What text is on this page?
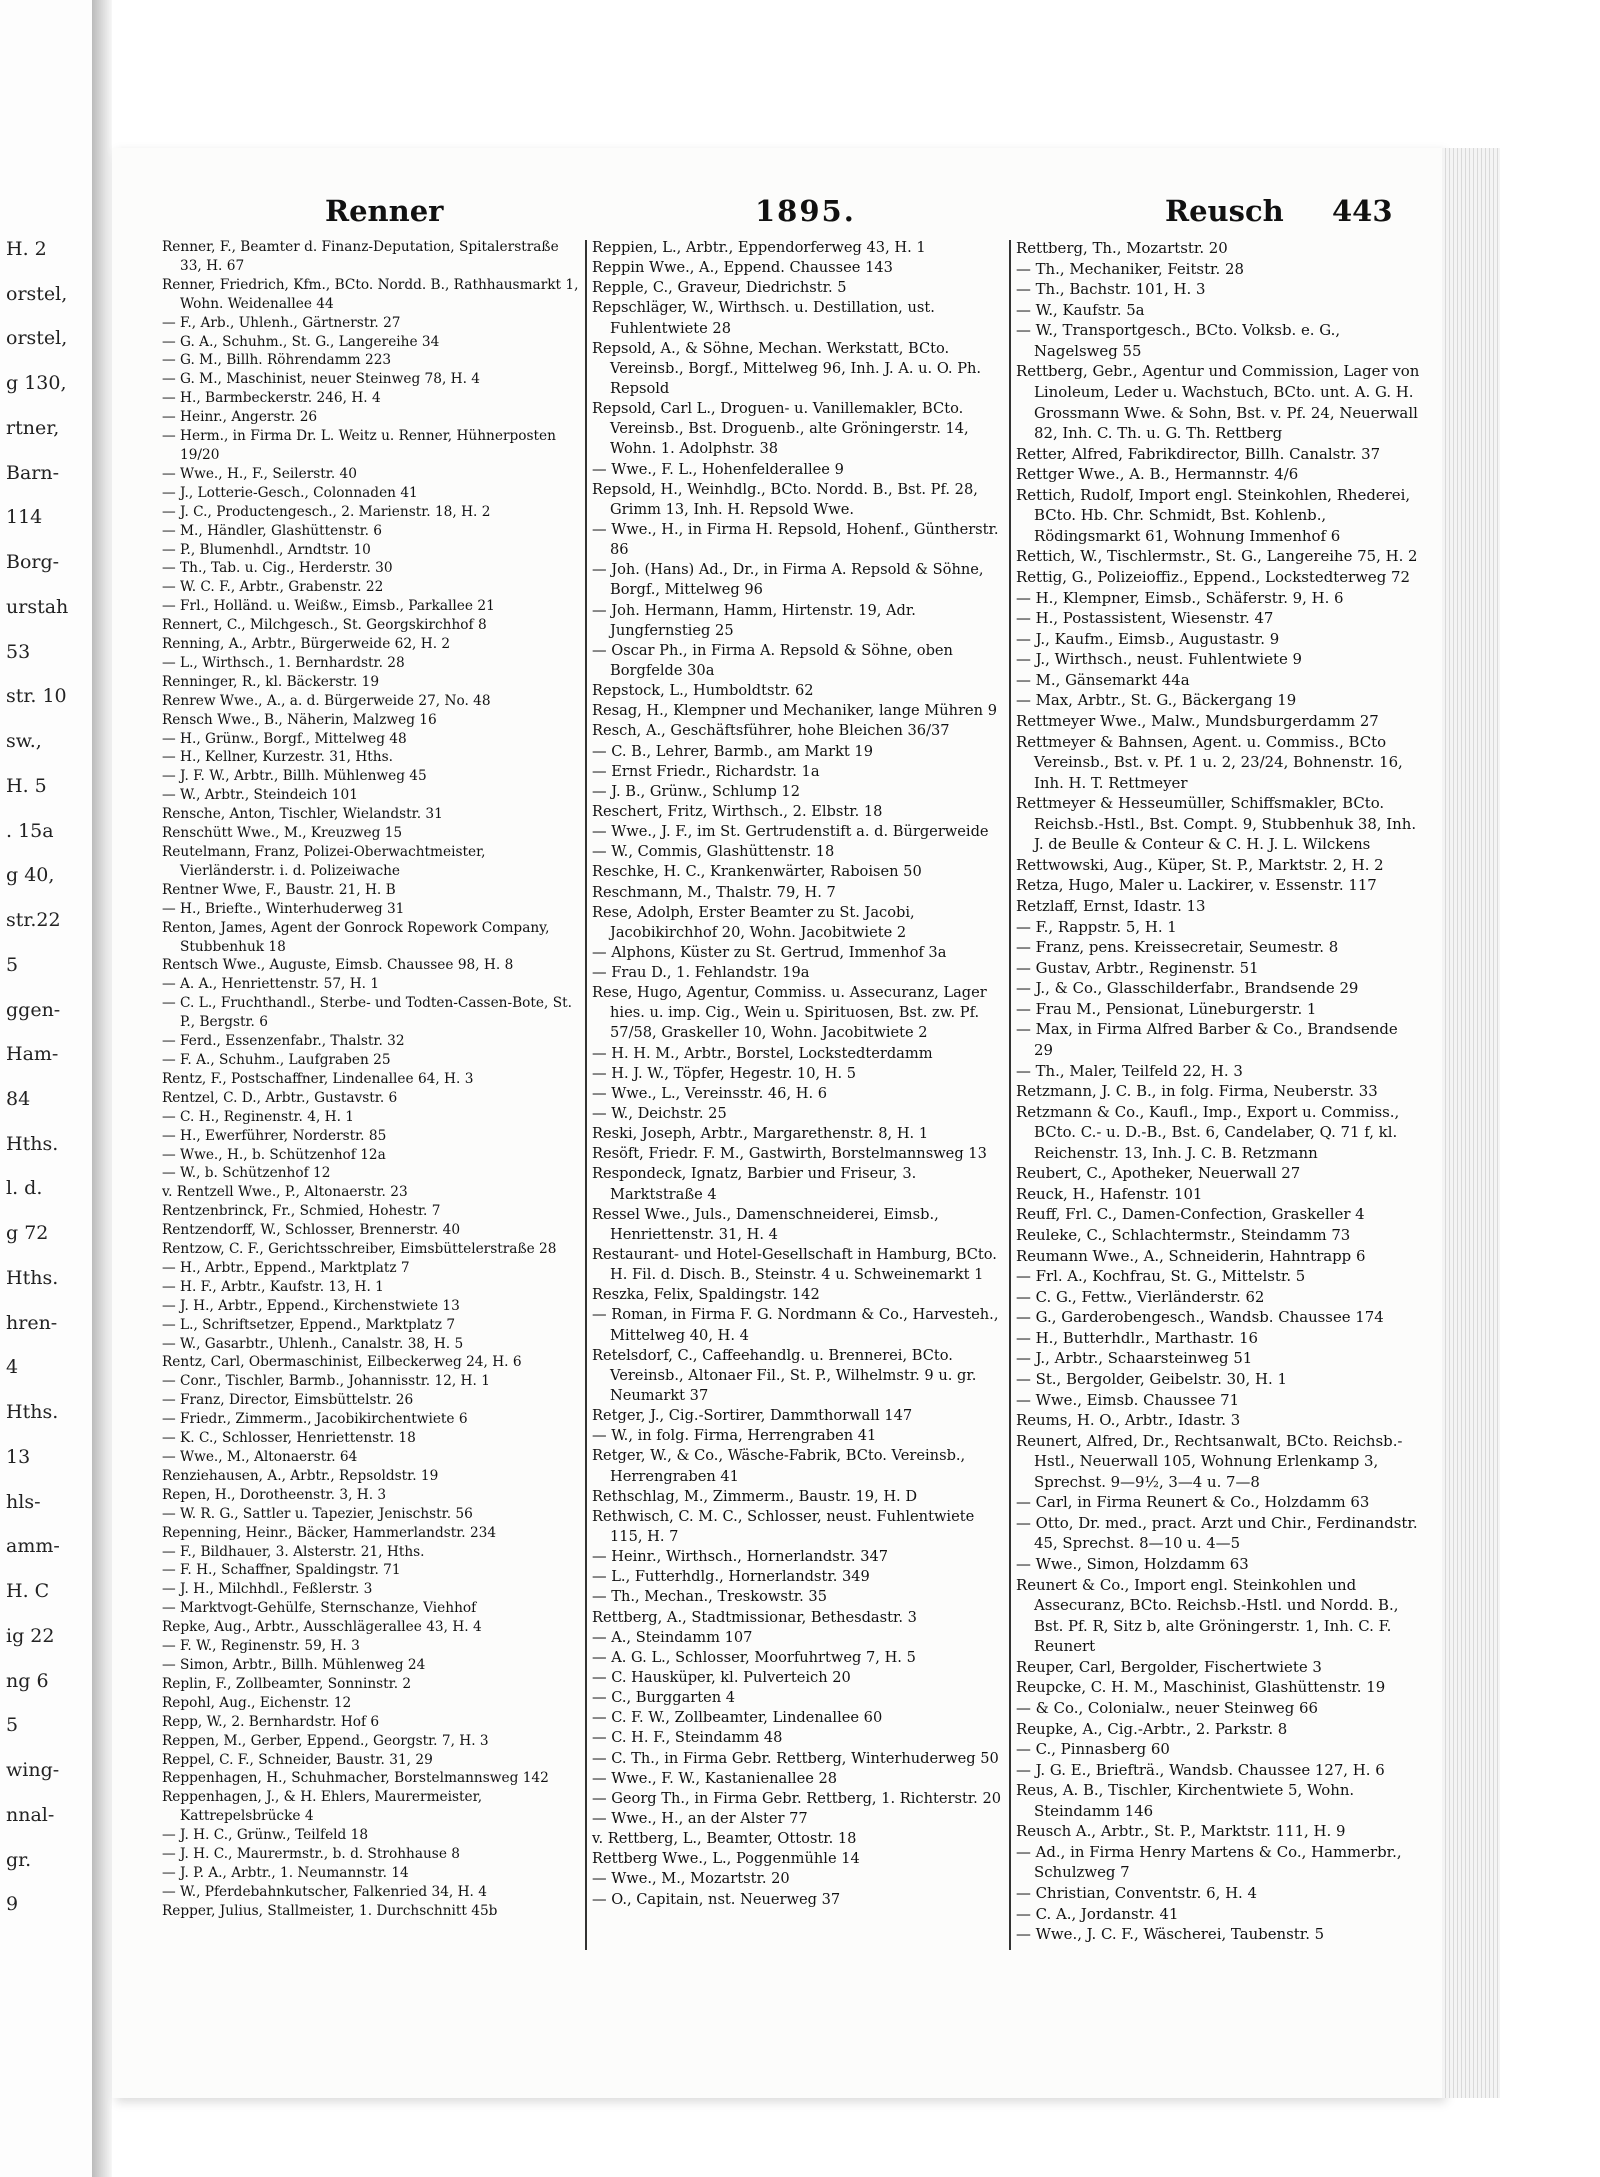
H. 2
orstel,
orstel,
g 130,
rtner,
Barn-
114
Borg-
urstah
53
str. 10
sw.,
H. 5
. 15a
g 40,
str.22
5
ggen-
Ham-
84
Hths.
l. d.
g 72
Hths.
hren-
4
Hths.
13
hls-
amm-
H. C
ig 22
ng 6
5
wing-
nnal-
gr.
9
Renner	1895.	Reusch 443
Renner, F., Beamter d. Finanz-Deputation, Spitalerstraße 33, H. 67
Renner, Friedrich, Kfm., BCto. Nordd. B., Rathhausmarkt 1, Wohn. Weidenallee 44
— F., Arb., Uhlenh., Gärtnerstr. 27
— G. A., Schuhm., St. G., Langereihe 34
— G. M., Billh. Röhrendamm 223
— G. M., Maschinist, neuer Steinweg 78, H. 4
— H., Barmbeckerstr. 246, H. 4
— Heinr., Angerstr. 26
— Herm., in Firma Dr. L. Weitz u. Renner, Hühnerposten 19/20
— Wwe., H., F., Seilerstr. 40
— J., Lotterie-Gesch., Colonnaden 41
— J. C., Productengesch., 2. Marienstr. 18, H. 2
— M., Händler, Glashüttenstr. 6
— P., Blumenhdl., Arndtstr. 10
— Th., Tab. u. Cig., Herderstr. 30
— W. C. F., Arbtr., Grabenstr. 22
— Frl., Holländ. u. Weißw., Eimsb., Parkallee 21
Rennert, C., Milchgesch., St. Georgskirchhof 8
Renning, A., Arbtr., Bürgerweide 62, H. 2
— L., Wirthsch., 1. Bernhardstr. 28
Renninger, R., kl. Bäckerstr. 19
Renrew Wwe., A., a. d. Bürgerweide 27, No. 48
Rensch Wwe., B., Näherin, Malzweg 16
— H., Grünw., Borgf., Mittelweg 48
— H., Kellner, Kurzestr. 31, Hths.
— J. F. W., Arbtr., Billh. Mühlenweg 45
— W., Arbtr., Steindeich 101
Rensche, Anton, Tischler, Wielandstr. 31
Renschütt Wwe., M., Kreuzweg 15
Reutelmann, Franz, Polizei-Oberwachtmeister, Vierländerstr. i. d. Polizeiwache
Rentner Wwe, F., Baustr. 21, H. B
— H., Briefte., Winterhuderweg 31
Renton, James, Agent der Gonrock Ropework Company, Stubbenhuk 18
Rentsch Wwe., Auguste, Eimsb. Chaussee 98, H. 8
— A. A., Henriettenstr. 57, H. 1
— C. L., Fruchthandl., Sterbe- und Todten-Cassen-Bote, St. P., Bergstr. 6
— Ferd., Essenzenfabr., Thalstr. 32
— F. A., Schuhm., Laufgraben 25
Rentz, F., Postschaffner, Lindenallee 64, H. 3
Rentzel, C. D., Arbtr., Gustavstr. 6
— C. H., Reginenstr. 4, H. 1
— H., Ewerführer, Norderstr. 85
— Wwe., H., b. Schützenhof 12a
— W., b. Schützenhof 12
v. Rentzell Wwe., P., Altonaerstr. 23
Rentzenbrinck, Fr., Schmied, Hohestr. 7
Rentzendorff, W., Schlosser, Brennerstr. 40
Rentzow, C. F., Gerichtsschreiber, Eimsbüttelerstraße 28
— H., Arbtr., Eppend., Marktplatz 7
— H. F., Arbtr., Kaufstr. 13, H. 1
— J. H., Arbtr., Eppend., Kirchenstwiete 13
— L., Schriftsetzer, Eppend., Marktplatz 7
— W., Gasarbtr., Uhlenh., Canalstr. 38, H. 5
Rentz, Carl, Obermaschinist, Eilbeckerweg 24, H. 6
— Conr., Tischler, Barmb., Johannisstr. 12, H. 1
— Franz, Director, Eimsbüttelstr. 26
— Friedr., Zimmerm., Jacobikirchentwiete 6
— K. C., Schlosser, Henriettenstr. 18
— Wwe., M., Altonaerstr. 64
Renziehausen, A., Arbtr., Repsoldstr. 19
Repen, H., Dorotheenstr. 3, H. 3
— W. R. G., Sattler u. Tapezier, Jenischstr. 56
Repenning, Heinr., Bäcker, Hammerlandstr. 234
— F., Bildhauer, 3. Alsterstr. 21, Hths.
— F. H., Schaffner, Spaldingstr. 71
— J. H., Milchhdl., Feßlerstr. 3
— Marktvogt-Gehülfe, Sternschanze, Viehhof
Repke, Aug., Arbtr., Ausschlägerallee 43, H. 4
— F. W., Reginenstr. 59, H. 3
— Simon, Arbtr., Billh. Mühlenweg 24
Replin, F., Zollbeamter, Sonninstr. 2
Repohl, Aug., Eichenstr. 12
Repp, W., 2. Bernhardstr. Hof 6
Reppen, M., Gerber, Eppend., Georgstr. 7, H. 3
Reppel, C. F., Schneider, Baustr. 31, 29
Reppenhagen, H., Schuhmacher, Borstelmannsweg 142
Reppenhagen, J., & H. Ehlers, Maurermeister, Kattrepelsbrücke 4
— J. H. C., Grünw., Teilfeld 18
— J. H. C., Maurermstr., b. d. Strohhause 8
— J. P. A., Arbtr., 1. Neumannstr. 14
— W., Pferdebahnkutscher, Falkenried 34, H. 4
Repper, Julius, Stallmeister, 1. Durchschnitt 45b
Reppien, L., Arbtr., Eppendorferweg 43, H. 1
Reppin Wwe., A., Eppend. Chaussee 143
Repple, C., Graveur, Diedrichstr. 5
Repschläger, W., Wirthsch. u. Destillation, ust. Fuhlentwiete 28
Repsold, A., & Söhne, Mechan. Werkstatt, BCto. Vereinsb., Borgf., Mittelweg 96, Inh. J. A. u. O. Ph. Repsold
Repsold, Carl L., Droguen- u. Vanillemakler, BCto. Vereinsb., Bst. Droguenb., alte Gröningerstr. 14, Wohn. 1. Adolphstr. 38
— Wwe., F. L., Hohenfelderallee 9
Repsold, H., Weinhdlg., BCto. Nordd. B., Bst. Pf. 28, Grimm 13, Inh. H. Repsold Wwe.
— Wwe., H., in Firma H. Repsold, Hohenf., Güntherstr. 86
— Joh. (Hans) Ad., Dr., in Firma A. Repsold & Söhne, Borgf., Mittelweg 96
— Joh. Hermann, Hamm, Hirtenstr. 19, Adr. Jungfernstieg 25
— Oscar Ph., in Firma A. Repsold & Söhne, oben Borgfelde 30a
Repstock, L., Humboldtstr. 62
Resag, H., Klempner und Mechaniker, lange Mühren 9
Resch, A., Geschäftsführer, hohe Bleichen 36/37
— C. B., Lehrer, Barmb., am Markt 19
— Ernst Friedr., Richardstr. 1a
— J. B., Grünw., Schlump 12
Reschert, Fritz, Wirthsch., 2. Elbstr. 18
— Wwe., J. F., im St. Gertrudenstift a. d. Bürgerweide
— W., Commis, Glashüttenstr. 18
Reschke, H. C., Krankenwärter, Raboisen 50
Reschmann, M., Thalstr. 79, H. 7
Rese, Adolph, Erster Beamter zu St. Jacobi, Jacobikirchhof 20, Wohn. Jacobitwiete 2
— Alphons, Küster zu St. Gertrud, Immenhof 3a
— Frau D., 1. Fehlandstr. 19a
Rese, Hugo, Agentur, Commiss. u. Assecuranz, Lager hies. u. imp. Cig., Wein u. Spirituosen, Bst. zw. Pf. 57/58, Graskeller 10, Wohn. Jacobitwiete 2
— H. H. M., Arbtr., Borstel, Lockstedterdamm
— H. J. W., Töpfer, Hegestr. 10, H. 5
— Wwe., L., Vereinsstr. 46, H. 6
— W., Deichstr. 25
Reski, Joseph, Arbtr., Margarethenstr. 8, H. 1
Resöft, Friedr. F. M., Gastwirth, Borstelmannsweg 13
Respondeck, Ignatz, Barbier und Friseur, 3. Marktstraße 4
Ressel Wwe., Juls., Damenschneiderei, Eimsb., Henriettenstr. 31, H. 4
Restaurant- und Hotel-Gesellschaft in Hamburg, BCto. H. Fil. d. Disch. B., Steinstr. 4 u. Schweinemarkt 1
Reszka, Felix, Spaldingstr. 142
— Roman, in Firma F. G. Nordmann & Co., Harvesteh., Mittelweg 40, H. 4
Retelsdorf, C., Caffeehandlg. u. Brennerei, BCto. Vereinsb., Altonaer Fil., St. P., Wilhelmstr. 9 u. gr. Neumarkt 37
Retger, J., Cig.-Sortirer, Dammthorwall 147
— W., in folg. Firma, Herrengraben 41
Retger, W., & Co., Wäsche-Fabrik, BCto. Vereinsb., Herrengraben 41
Rethschlag, M., Zimmerm., Baustr. 19, H. D
Rethwisch, C. M. C., Schlosser, neust. Fuhlentwiete 115, H. 7
— Heinr., Wirthsch., Hornerlandstr. 347
— L., Futterhdlg., Hornerlandstr. 349
— Th., Mechan., Treskowstr. 35
Rettberg, A., Stadtmissionar, Bethesdastr. 3
— A., Steindamm 107
— A. G. L., Schlosser, Moorfuhrtweg 7, H. 5
— C. Hausküper, kl. Pulverteich 20
— C., Burggarten 4
— C. F. W., Zollbeamter, Lindenallee 60
— C. H. F., Steindamm 48
— C. Th., in Firma Gebr. Rettberg, Winterhuderweg 50
— Wwe., F. W., Kastanienallee 28
— Georg Th., in Firma Gebr. Rettberg, 1. Richterstr. 20
— Wwe., H., an der Alster 77
v. Rettberg, L., Beamter, Ottostr. 18
Rettberg Wwe., L., Poggenmühle 14
— Wwe., M., Mozartstr. 20
— O., Capitain, nst. Neuerweg 37
Rettberg, Th., Mozartstr. 20
— Th., Mechaniker, Feitstr. 28
— Th., Bachstr. 101, H. 3
— W., Kaufstr. 5a
— W., Transportgesch., BCto. Volksb. e. G., Nagelsweg 55
Rettberg, Gebr., Agentur und Commission, Lager von Linoleum, Leder u. Wachstuch, BCto. unt. A. G. H. Grossmann Wwe. & Sohn, Bst. v. Pf. 24, Neuerwall 82, Inh. C. Th. u. G. Th. Rettberg
Retter, Alfred, Fabrikdirector, Billh. Canalstr. 37
Rettger Wwe., A. B., Hermannstr. 4/6
Rettich, Rudolf, Import engl. Steinkohlen, Rhederei, BCto. Hb. Chr. Schmidt, Bst. Kohlenb., Rödingsmarkt 61, Wohnung Immenhof 6
Rettich, W., Tischlermstr., St. G., Langereihe 75, H. 2
Rettig, G., Polizeioffiz., Eppend., Lockstedterweg 72
— H., Klempner, Eimsb., Schäferstr. 9, H. 6
— H., Postassistent, Wiesenstr. 47
— J., Kaufm., Eimsb., Augustastr. 9
— J., Wirthsch., neust. Fuhlentwiete 9
— M., Gänsemarkt 44a
— Max, Arbtr., St. G., Bäckergang 19
Rettmeyer Wwe., Malw., Mundsburgerdamm 27
Rettmeyer & Bahnsen, Agent. u. Commiss., BCto Vereinsb., Bst. v. Pf. 1 u. 2, 23/24, Bohnenstr. 16, Inh. H. T. Rettmeyer
Rettmeyer & Hesseumüller, Schiffsmakler, BCto. Reichsb.-Hstl., Bst. Compt. 9, Stubbenhuk 38, Inh. J. de Beulle & Conteur & C. H. J. L. Wilckens
Rettwowski, Aug., Küper, St. P., Marktstr. 2, H. 2
Retza, Hugo, Maler u. Lackirer, v. Essenstr. 117
Retzlaff, Ernst, Idastr. 13
— F., Rappstr. 5, H. 1
— Franz, pens. Kreissecretair, Seumestr. 8
— Gustav, Arbtr., Reginenstr. 51
— J., & Co., Glasschilderfabr., Brandsende 29
— Frau M., Pensionat, Lüneburgerstr. 1
— Max, in Firma Alfred Barber & Co., Brandsende 29
— Th., Maler, Teilfeld 22, H. 3
Retzmann, J. C. B., in folg. Firma, Neuberstr. 33
Retzmann & Co., Kaufl., Imp., Export u. Commiss., BCto. C.- u. D.-B., Bst. 6, Candelaber, Q. 71 f, kl. Reichenstr. 13, Inh. J. C. B. Retzmann
Reubert, C., Apotheker, Neuerwall 27
Reuck, H., Hafenstr. 101
Reuff, Frl. C., Damen-Confection, Graskeller 4
Reuleke, C., Schlachtermstr., Steindamm 73
Reumann Wwe., A., Schneiderin, Hahntrapp 6
— Frl. A., Kochfrau, St. G., Mittelstr. 5
— C. G., Fettw., Vierländerstr. 62
— G., Garderobengesch., Wandsb. Chaussee 174
— H., Butterhdlr., Marthastr. 16
— J., Arbtr., Schaarsteinweg 51
— St., Bergolder, Geibelstr. 30, H. 1
— Wwe., Eimsb. Chaussee 71
Reums, H. O., Arbtr., Idastr. 3
Reunert, Alfred, Dr., Rechtsanwalt, BCto. Reichsb.-Hstl., Neuerwall 105, Wohnung Erlenkamp 3, Sprechst. 9—9½, 3—4 u. 7—8
— Carl, in Firma Reunert & Co., Holzdamm 63
— Otto, Dr. med., pract. Arzt und Chir., Ferdinandstr. 45, Sprechst. 8—10 u. 4—5
— Wwe., Simon, Holzdamm 63
Reunert & Co., Import engl. Steinkohlen und Assecuranz, BCto. Reichsb.-Hstl. und Nordd. B., Bst. Pf. R, Sitz b, alte Gröningerstr. 1, Inh. C. F. Reunert
Reuper, Carl, Bergolder, Fischertwiete 3
Reupcke, C. H. M., Maschinist, Glashüttenstr. 19
— & Co., Colonialw., neuer Steinweg 66
Reupke, A., Cig.-Arbtr., 2. Parkstr. 8
— C., Pinnasberg 60
— J. G. E., Briefträ., Wandsb. Chaussee 127, H. 6
Reus, A. B., Tischler, Kirchentwiete 5, Wohn. Steindamm 146
Reusch A., Arbtr., St. P., Marktstr. 111, H. 9
— Ad., in Firma Henry Martens & Co., Hammerbr., Schulzweg 7
— Christian, Conventstr. 6, H. 4
— C. A., Jordanstr. 41
— Wwe., J. C. F., Wäscherei, Taubenstr. 5
